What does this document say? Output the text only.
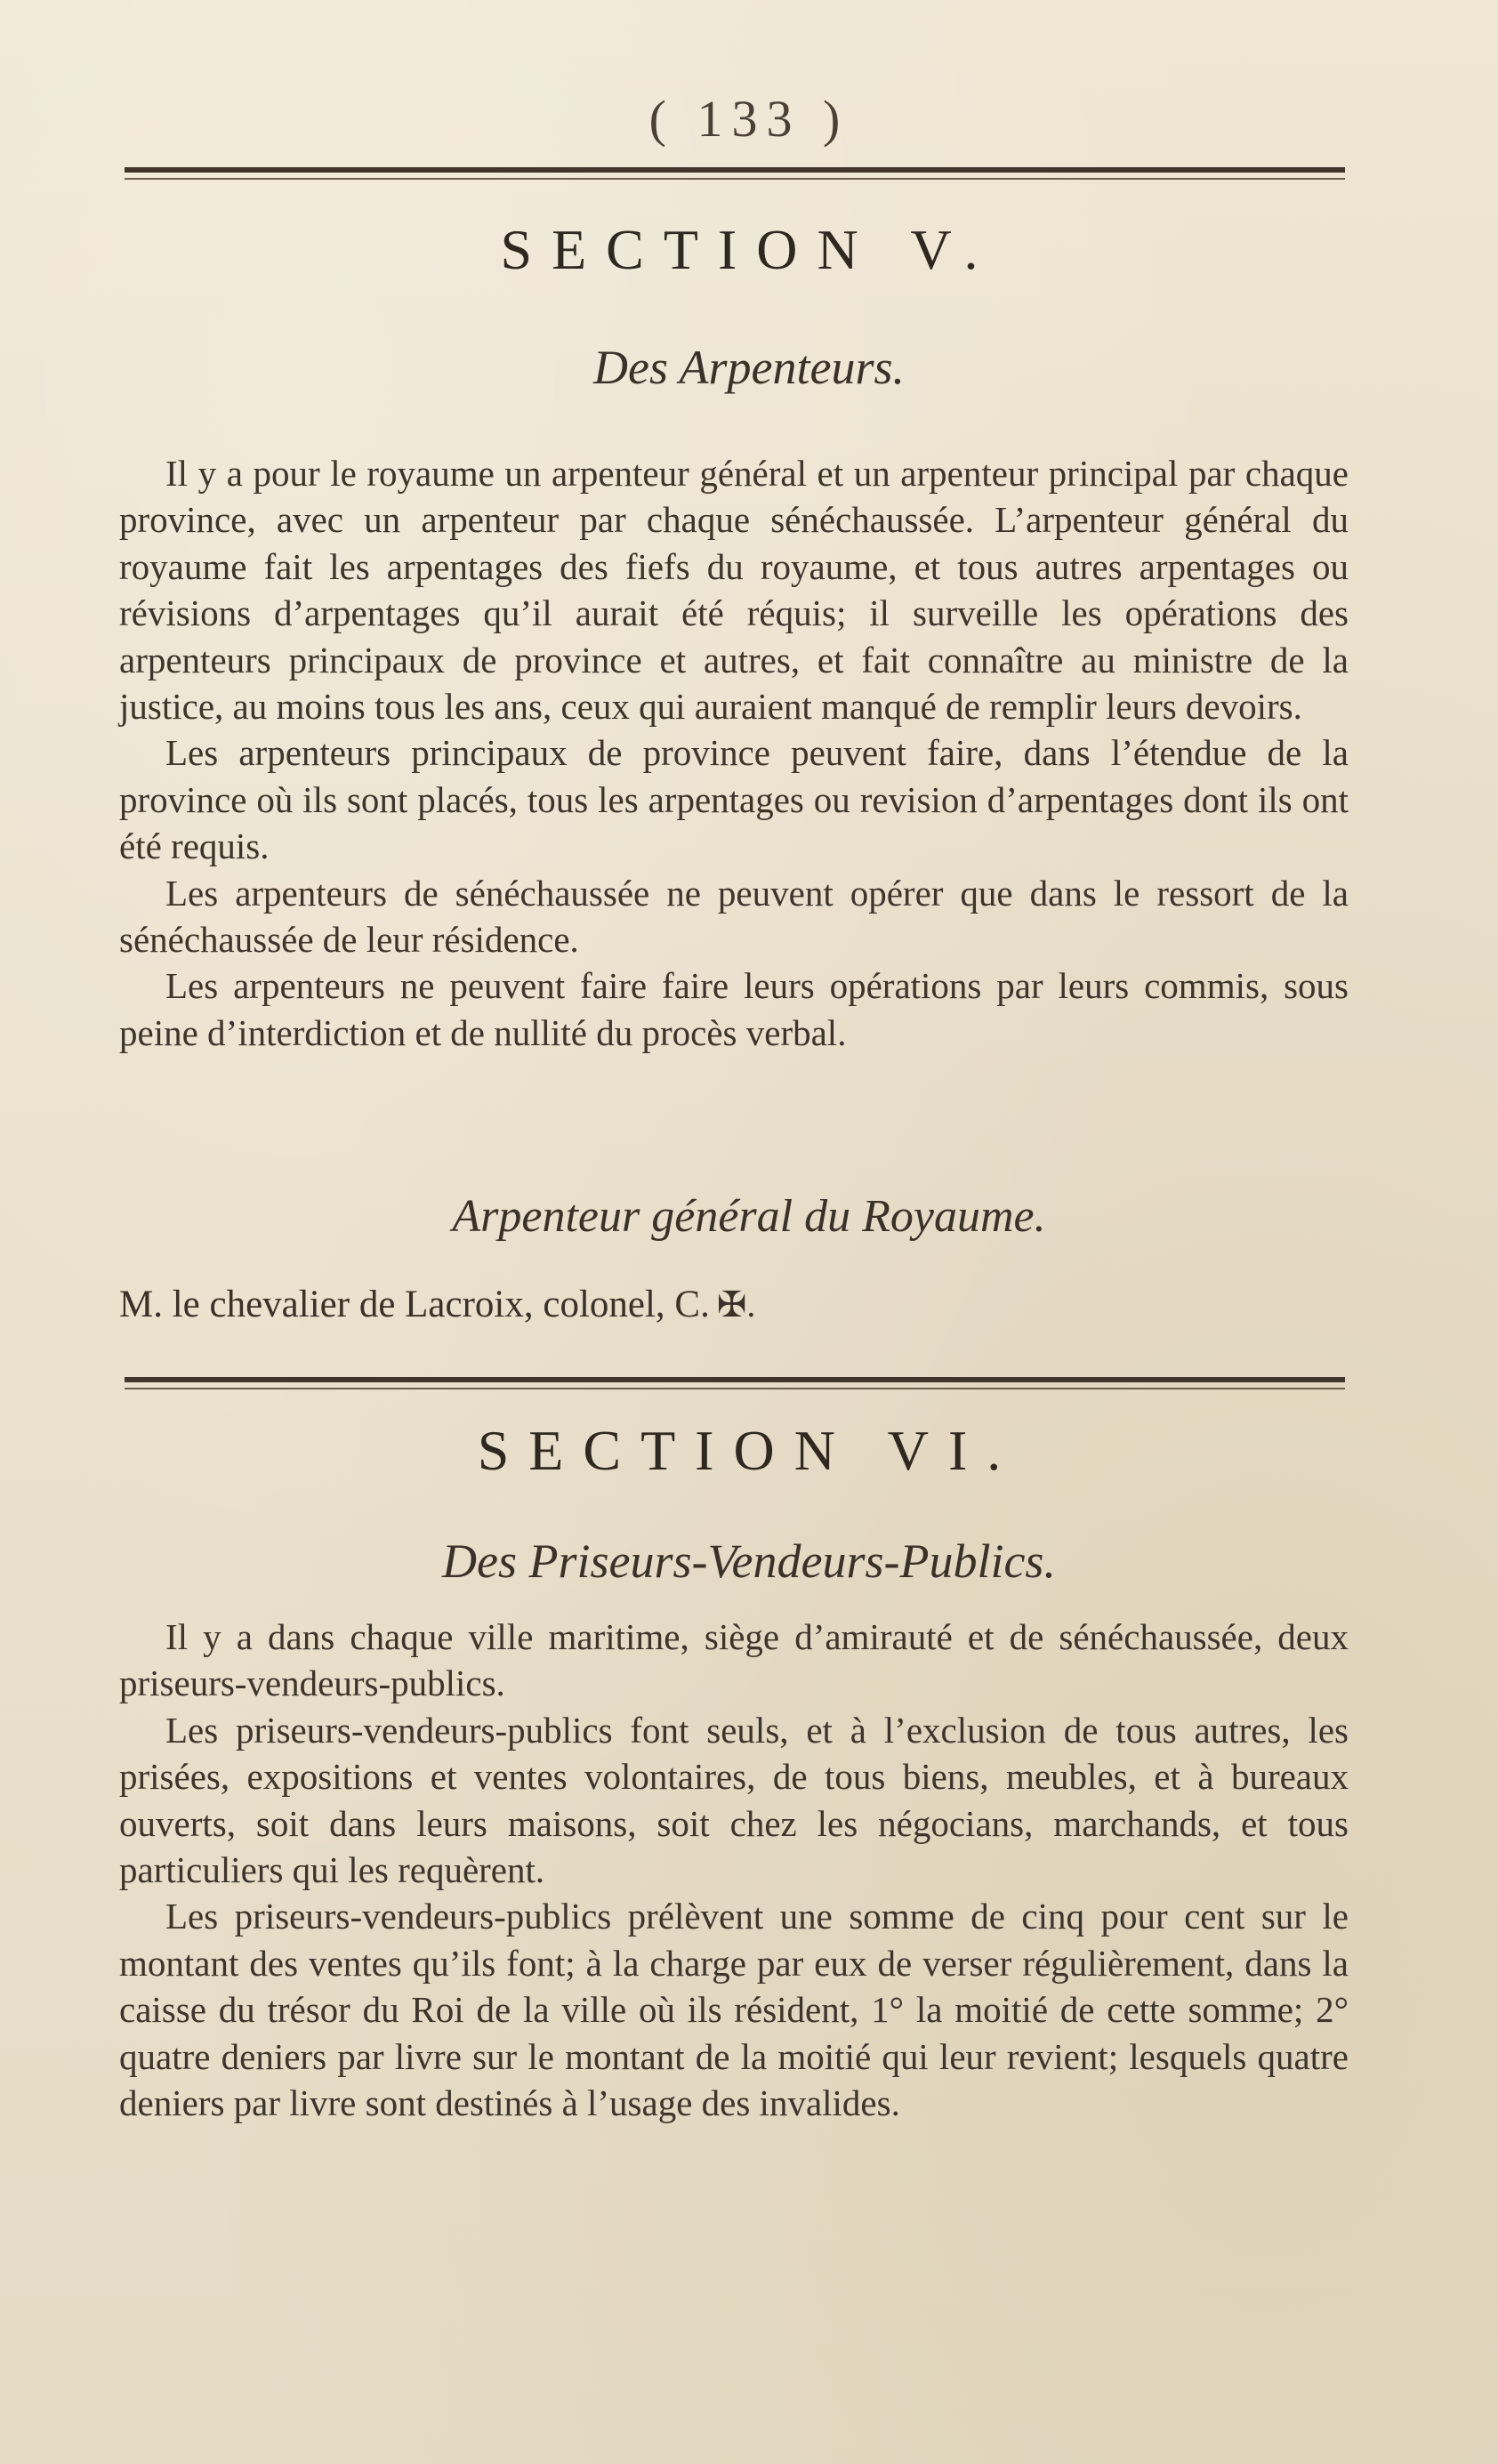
( 133 )
SECTION V.
Des Arpenteurs.

Il y a pour le royaume un arpenteur général et un arpenteur principal par chaque province, avec un arpenteur par chaque sénéchaussée. L’arpenteur général du royaume fait les arpentages des fiefs du royaume, et tous autres arpentages ou révisions d’arpentages qu’il aurait été réquis; il surveille les opérations des arpenteurs principaux de province et autres, et fait connaître au ministre de la justice, au moins tous les ans, ceux qui auraient manqué de remplir leurs devoirs.

Les arpenteurs principaux de province peuvent faire, dans l’étendue de la province où ils sont placés, tous les arpentages ou revision d’arpentages dont ils ont été requis.

Les arpenteurs de sénéchaussée ne peuvent opérer que dans le ressort de la sénéchaussée de leur résidence.

Les arpenteurs ne peuvent faire faire leurs opérations par leurs commis, sous peine d’interdiction et de nullité du procès verbal.

Arpenteur général du Royaume.
M. le chevalier de Lacroix, colonel, C. ✠.
SECTION VI.
Des Priseurs-Vendeurs-Publics.

Il y a dans chaque ville maritime, siège d’amirauté et de sénéchaussée, deux priseurs-vendeurs-publics.

Les priseurs-vendeurs-publics font seuls, et à l’exclusion de tous autres, les prisées, expositions et ventes volontaires, de tous biens, meubles, et à bureaux ouverts, soit dans leurs maisons, soit chez les négocians, marchands, et tous particuliers qui les requèrent.

Les priseurs-vendeurs-publics prélèvent une somme de cinq pour cent sur le montant des ventes qu’ils font; à la charge par eux de verser régulièrement, dans la caisse du trésor du Roi de la ville où ils résident, 1° la moitié de cette somme; 2° quatre deniers par livre sur le montant de la moitié qui leur revient; lesquels quatre deniers par livre sont destinés à l’usage des invalides.
